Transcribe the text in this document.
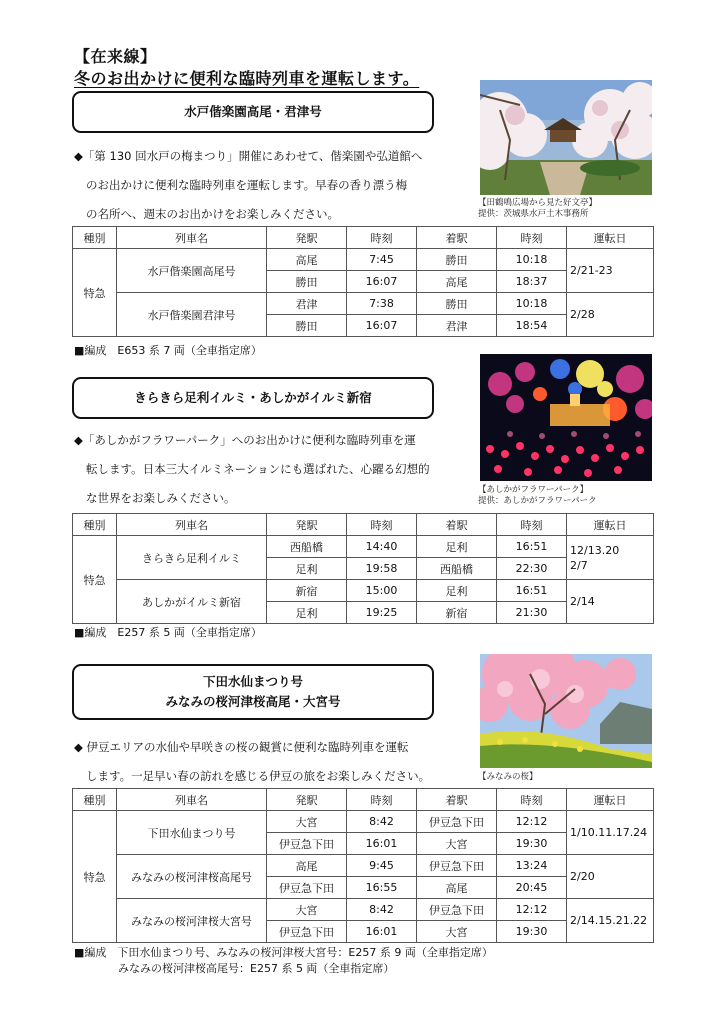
【在来線】
冬のお出かけに便利な臨時列車を運転します。
水戸偕楽園高尾・君津号
◆「第 130 回水戸の梅まつり」開催にあわせて、偕楽園や弘道館へ
のお出かけに便利な臨時列車を運転します。早春の香り漂う梅
の名所へ、週末のお出かけをお楽しみください。
【田鶴鳴広場から見た好文亭】
提供：茨城県水戸土木事務所
種別	列車名	発駅	時刻	着駅	時刻	運転日
特急	水戸偕楽園高尾号	高尾	7:45	勝田	10:18	2/21-23
		勝田	16:07	高尾	18:37	
	水戸偕楽園君津号	君津	7:38	勝田	10:18	2/28
		勝田	16:07	君津	18:54	
■編成　E653 系 7 両（全車指定席）
きらきら足利イルミ・あしかがイルミ新宿
◆「あしかがフラワーパーク」へのお出かけに便利な臨時列車を運
転します。日本三大イルミネーションにも選ばれた、心躍る幻想的
な世界をお楽しみください。
【あしかがフラワーパーク】
提供：あしかがフラワーパーク
種別	列車名	発駅	時刻	着駅	時刻	運転日
特急	きらきら足利イルミ	西船橋	14:40	足利	16:51	12/13.20
2/7
		足利	19:58	西船橋	22:30	
	あしかがイルミ新宿	新宿	15:00	足利	16:51	2/14
		足利	19:25	新宿	21:30	
■編成　E257 系 5 両（全車指定席）
下田水仙まつり号
みなみの桜河津桜高尾・大宮号
◆ 伊豆エリアの水仙や早咲きの桜の観賞に便利な臨時列車を運転
します。一足早い春の訪れを感じる伊豆の旅をお楽しみください。	【みなみの桜】
種別	列車名	発駅	時刻	着駅	時刻	運転日
特急	下田水仙まつり号	大宮	8:42	伊豆急下田	12:12	1/10.11.17.24
		伊豆急下田	16:01	大宮	19:30	
	みなみの桜河津桜高尾号	高尾	9:45	伊豆急下田	13:24	2/20
		伊豆急下田	16:55	高尾	20:45	
	みなみの桜河津桜大宮号	大宮	8:42	伊豆急下田	12:12	2/14.15.21.22
		伊豆急下田	16:01	大宮	19:30	
■編成　下田水仙まつり号、みなみの桜河津桜大宮号：E257 系 9 両（全車指定席）
　　　　みなみの桜河津桜高尾号：E257 系 5 両（全車指定席）
